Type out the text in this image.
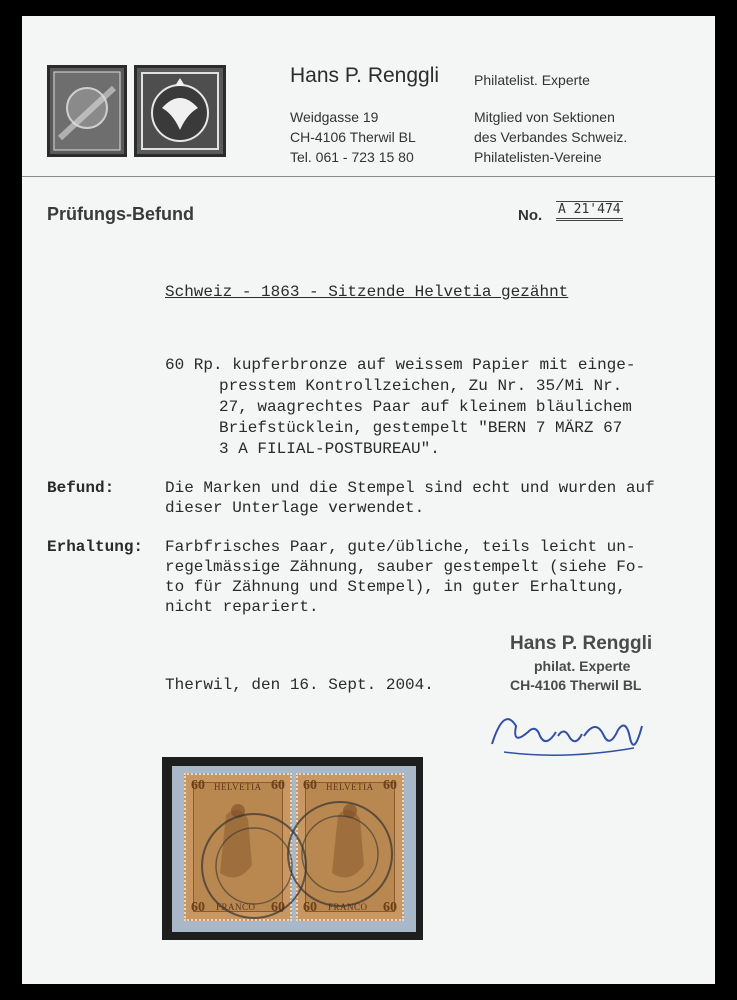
Hans P. Renggli Philatelist. Experte
Weidgasse 19
CH-4106 Therwil BL
Tel. 061 - 723 15 80
Mitglied von Sektionen
des Verbandes Schweiz.
Philatelisten-Vereine
Prüfungs-Befund	No. A 21'474
Schweiz - 1863 - Sitzende Helvetia gezähnt
60 Rp. kupferbronze auf weissem Papier mit einge-
presstem Kontrollzeichen, Zu Nr. 35/Mi Nr.
27, waagrechtes Paar auf kleinem bläulichem
Briefstücklein, gestempelt "BERN 7 MÄRZ 67
3 A FILIAL-POSTBUREAU".
Befund:	Die Marken und die Stempel sind echt und wurden auf
dieser Unterlage verwendet.
Erhaltung: Farbfrisches Paar, gute/übliche, teils leicht un-
regelmässige Zähnung, sauber gestempelt (siehe Fo-
to für Zähnung und Stempel), in guter Erhaltung,
nicht repariert.
Hans P. Renggli
philat. Experte
CH-4106 Therwil BL
Therwil, den 16. Sept. 2004.
60 HELVETIA 60
60 FRANCO 60
60 HELVETIA 60
60 FRANCO 60
